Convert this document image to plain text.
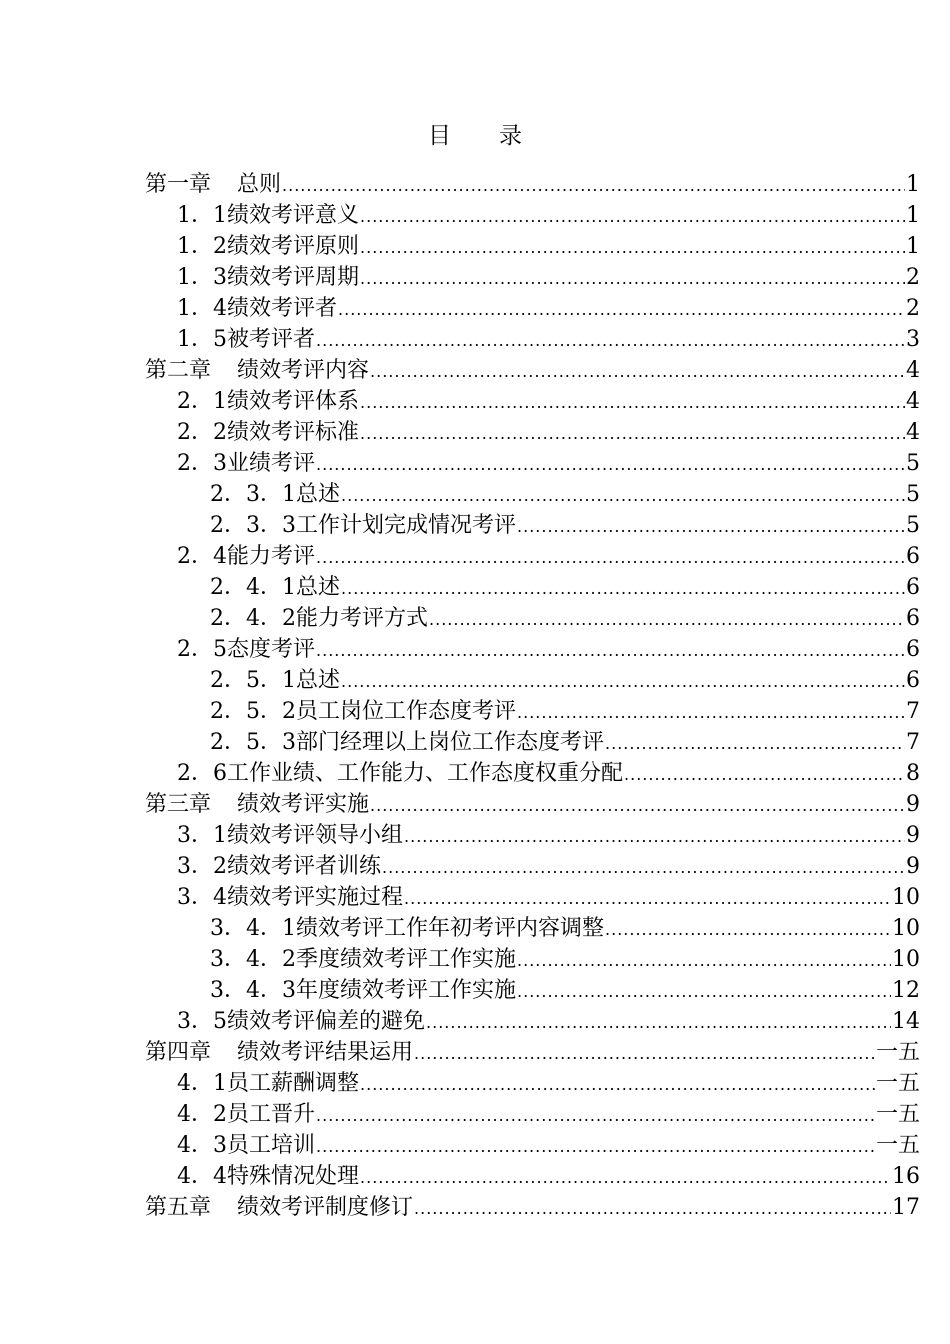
目录
第一章 总则 .....	1
1．1绩效考评意义 .....	1
1．2绩效考评原则 .....	1
1．3绩效考评周期 .....	2
1．4绩效考评者 .....	2
1．5被考评者 .....	3
第二章 绩效考评内容 .....	4
2．1绩效考评体系 .....	4
2．2绩效考评标准 .....	4
2．3业绩考评 .....	5
2．3．1总述 .....	5
2．3．3工作计划完成情况考评 .....	5
2．4能力考评 .....	6
2．4．1总述 .....	6
2．4．2能力考评方式 .....	6
2．5态度考评 .....	6
2．5．1总述 .....	6
2．5．2员工岗位工作态度考评 .....	7
2．5．3部门经理以上岗位工作态度考评 .....	7
2．6工作业绩、工作能力、工作态度权重分配 .....	8
第三章 绩效考评实施 .....	9
3．1绩效考评领导小组 .....	9
3．2绩效考评者训练 .....	9
3．4绩效考评实施过程 .....	10
3．4．1绩效考评工作年初考评内容调整 .....	10
3．4．2季度绩效考评工作实施 .....	10
3．4．3年度绩效考评工作实施 .....	12
3．5绩效考评偏差的避免 .....	14
第四章 绩效考评结果运用 .....	一五
4．1员工薪酬调整 .....	一五
4．2员工晋升 .....	一五
4．3员工培训 .....	一五
4．4特殊情况处理 .....	16
第五章 绩效考评制度修订 .....	17
